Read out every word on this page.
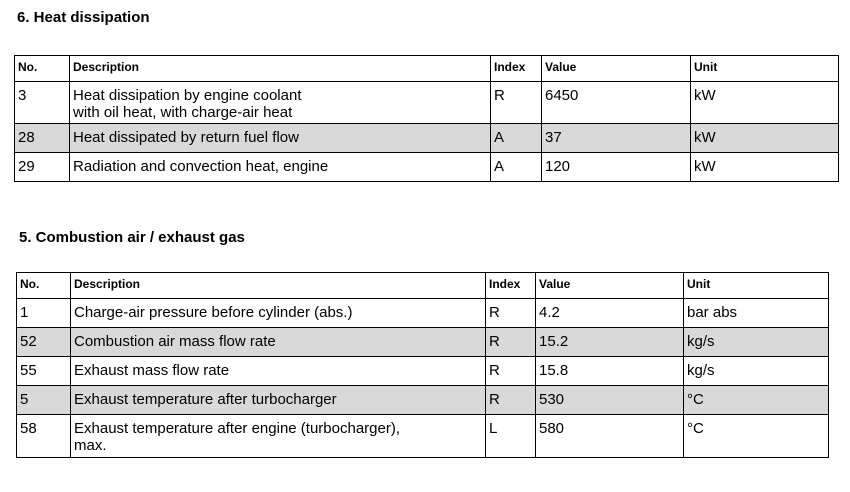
6. Heat dissipation
No.	Description	Index	Value	Unit
3	Heat dissipation by engine coolant
with oil heat, with charge-air heat	R	6450	kW
28	Heat dissipated by return fuel flow	A	37	kW
29	Radiation and convection heat, engine	A	120	kW
5. Combustion air / exhaust gas
No.	Description	Index	Value	Unit
1	Charge-air pressure before cylinder (abs.)	R	4.2	bar abs
52	Combustion air mass flow rate	R	15.2	kg/s
55	Exhaust mass flow rate	R	15.8	kg/s
5	Exhaust temperature after turbocharger	R	530	°C
58	Exhaust temperature after engine (turbocharger),
max.	L	580	°C
